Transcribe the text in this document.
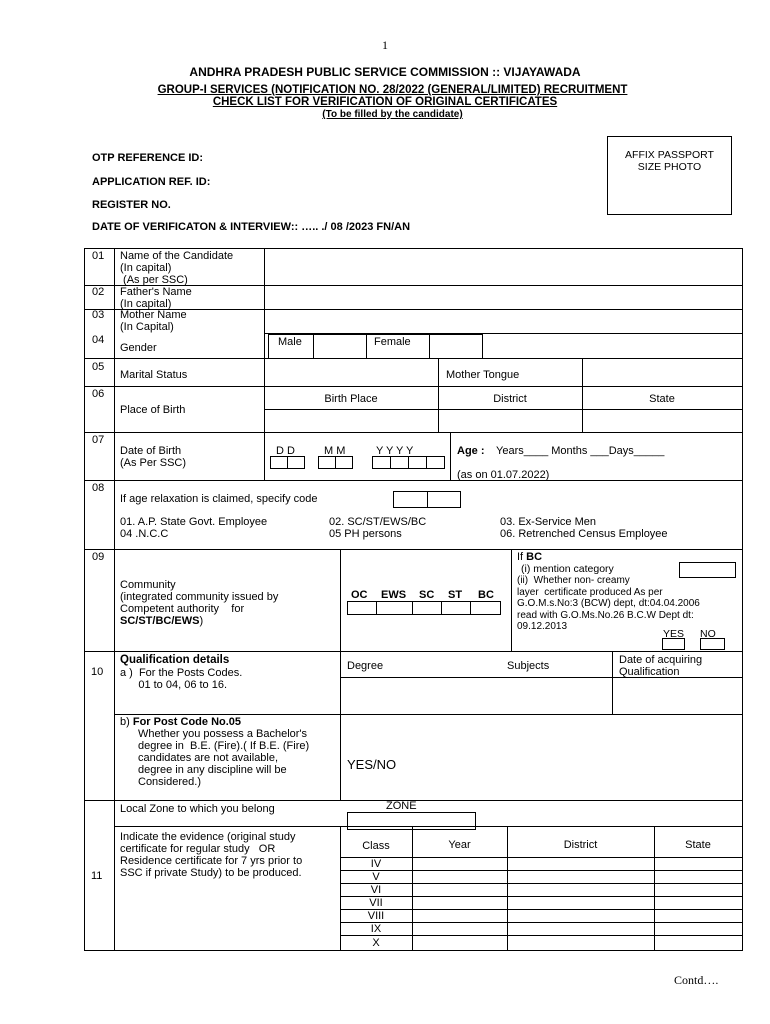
1
ANDHRA PRADESH PUBLIC SERVICE COMMISSION :: VIJAYAWADA
GROUP-I SERVICES (NOTIFICATION NO. 28/2022 (GENERAL/LIMITED) RECRUITMENT
CHECK LIST FOR VERIFICATION OF ORIGINAL CERTIFICATES
(To be filled by the candidate)
AFFIX PASSPORT
SIZE PHOTO
OTP REFERENCE ID:
APPLICATION REF. ID:
REGISTER NO.
DATE OF VERIFICATON & INTERVIEW:: ….. ./ 08 /2023 FN/AN
01 Name of the Candidate
(In capital)
(As per SSC)
02 Father's Name
(In capital)
03 Mother Name
(In Capital)
04
Gender	Male	Female
05
Marital Status	Mother Tongue
06
Place of Birth
Birth Place	District	State
07
Date of Birth
(As Per SSC)
D D	M M	Y Y Y Y	Age : Years____ Months ___Days_____
(as on 01.07.2022)
08
If age relaxation is claimed, specify code
01. A.P. State Govt. Employee	02. SC/ST/EWS/BC	03. Ex-Service Men
04 .N.C.C	05 PH persons	06. Retrenched Census Employee
09
Community
(integrated community issued by
Competent authority    for
SC/ST/BC/EWS)
OC EWS SC ST BC
If BC
(i) mention category
(ii)  Whether non- creamy
layer  certificate produced As per
G.O.M.s.No:3 (BCW) dept, dt:04.04.2006
read with G.O.Ms.No.26 B.C.W Dept dt:
09.12.2013
YES NO
10
Qualification details
a )  For the Posts Codes.
01 to 04, 06 to 16.
Degree	Subjects	Date of acquiring
Qualification
b) For Post Code No.05
Whether you possess a Bachelor's
degree in  B.E. (Fire).( If B.E. (Fire)
candidates are not available,
degree in any discipline will be
Considered.)
YES/NO
11
Local Zone to which you belong	ZONE
Indicate the evidence (original study
certificate for regular study   OR
Residence certificate for 7 yrs prior to
SSC if private Study) to be produced.
Class	Year	District	State
IV
V
VI
VII
VIII
IX
X
Contd….
